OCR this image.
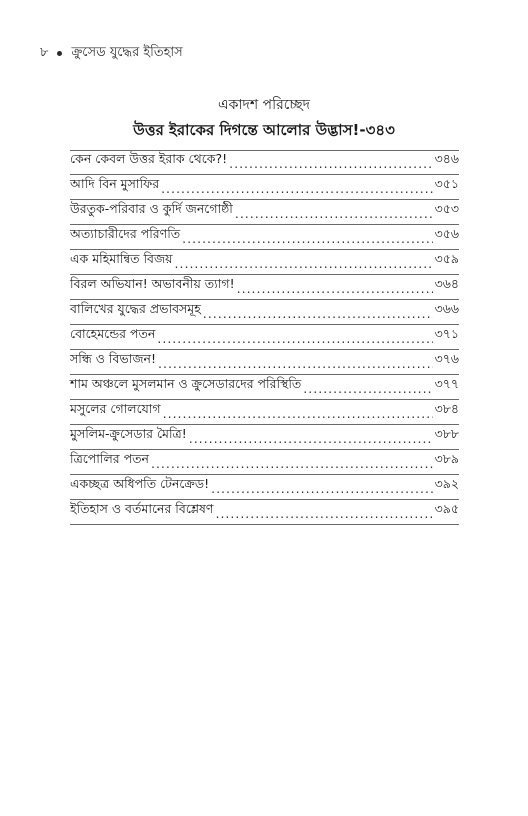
৮ ক্রুসেড যুদ্ধের ইতিহাস
একাদশ পরিচ্ছেদ
উত্তর ইরাকের দিগন্তে আলোর উদ্ভাস!-৩৪৩
কেন কেবল উত্তর ইরাক থেকে?! .....	৩৪৬
আদি বিন মুসাফির .....	৩৫১
উরতুক-পরিবার ও কুর্দি জনগোষ্ঠী .....	৩৫৩
অত্যাচারীদের পরিণতি .....	৩৫৬
এক মহিমান্বিত বিজয় .....	৩৫৯
বিরল অভিযান! অভাবনীয় ত্যাগ! .....	৩৬৪
বালিখের যুদ্ধের প্রভাবসমূহ .....	৩৬৬
বোহেমন্ডের পতন .....	৩৭১
সন্ধি ও বিভাজন! .....	৩৭৬
শাম অঞ্চলে মুসলমান ও ক্রুসেডারদের পরিস্থিতি .....	৩৭৭
মসুলের গোলযোগ .....	৩৮৪
মুসলিম-ক্রুসেডার মৈত্রি! .....	৩৮৮
ত্রিপোলির পতন .....	৩৮৯
একচ্ছত্র অধিপতি টেনক্রেড! .....	৩৯২
ইতিহাস ও বর্তমানের বিশ্লেষণ .....	৩৯৫
